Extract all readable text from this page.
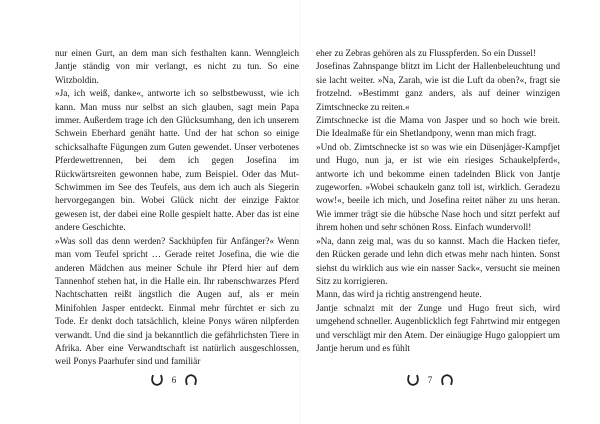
nur einen Gurt, an dem man sich festhalten kann. Wenngleich Jantje ständig von mir verlangt, es nicht zu tun. So eine Witzboldin.

»Ja, ich weiß, danke«, antworte ich so selbstbewusst, wie ich kann. Man muss nur selbst an sich glauben, sagt mein Papa immer. Außerdem trage ich den Glücksumhang, den ich unserem Schwein Eberhard genäht hatte. Und der hat schon so einige schicksalhafte Fügungen zum Guten gewendet. Unser verbotenes Pferdewettrennen, bei dem ich gegen Josefina im Rückwärtsreiten gewonnen habe, zum Beispiel. Oder das Mut-Schwimmen im See des Teufels, aus dem ich auch als Siegerin hervorgegangen bin. Wobei Glück nicht der einzige Faktor gewesen ist, der dabei eine Rolle gespielt hatte. Aber das ist eine andere Geschichte.

»Was soll das denn werden? Sackhüpfen für Anfänger?« Wenn man vom Teufel spricht … Gerade reitet Josefina, die wie die anderen Mädchen aus meiner Schule ihr Pferd hier auf dem Tannenhof stehen hat, in die Halle ein. Ihr rabenschwarzes Pferd Nachtschatten reißt ängstlich die Augen auf, als er mein Minifohlen Jasper entdeckt. Einmal mehr fürchtet er sich zu Tode. Er denkt doch tatsächlich, kleine Ponys wären nilpferden verwandt. Und die sind ja bekanntlich die gefährlichsten Tiere in Afrika. Aber eine Verwandtschaft ist natürlich ausgeschlossen, weil Ponys Paarhufer sind und familiär

eher zu Zebras gehören als zu Flusspferden. So ein Dussel!

Josefinas Zahnspange blitzt im Licht der Hallenbeleuchtung und sie lacht weiter. »Na, Zarah, wie ist die Luft da oben?«, fragt sie frotzelnd. »Bestimmt ganz anders, als auf deiner winzigen Zimtschnecke zu reiten.«

Zimtschnecke ist die Mama von Jasper und so hoch wie breit. Die Idealmaße für ein Shetlandpony, wenn man mich fragt.

»Und ob. Zimtschnecke ist so was wie ein Düsenjäger-Kampfjet und Hugo, nun ja, er ist wie ein riesiges Schaukelpferd«, antworte ich und bekomme einen tadelnden Blick von Jantje zugeworfen. »Wobei schaukeln ganz toll ist, wirklich. Geradezu wow!«, beeile ich mich, und Josefina reitet näher zu uns heran. Wie immer trägt sie die hübsche Nase hoch und sitzt perfekt auf ihrem hohen und sehr schönen Ross. Einfach wundervoll!

»Na, dann zeig mal, was du so kannst. Mach die Hacken tiefer, den Rücken gerade und lehn dich etwas mehr nach hinten. Sonst siehst du wirklich aus wie ein nasser Sack«, versucht sie meinen Sitz zu korrigieren.

Mann, das wird ja richtig anstrengend heute.

Jantje schnalzt mit der Zunge und Hugo freut sich, wird umgehend schneller. Augenblicklich fegt Fahrtwind mir entgegen und verschlägt mir den Atem. Der einäugige Hugo galoppiert um Jantje herum und es fühlt

6	7
